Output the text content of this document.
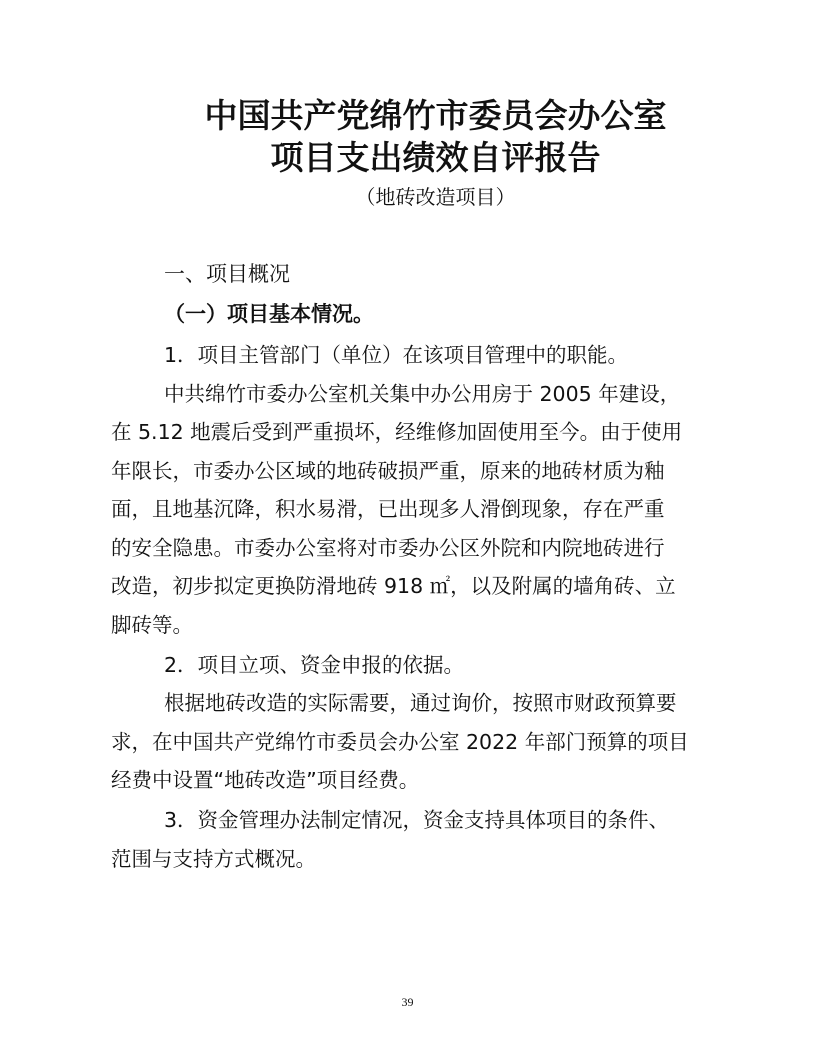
中国共产党绵竹市委员会办公室
项目支出绩效自评报告
（地砖改造项目）
一、项目概况
（一）项目基本情况。
1．项目主管部门（单位）在该项目管理中的职能。
中共绵竹市委办公室机关集中办公用房于 2005 年建设，
在 5.12 地震后受到严重损坏，经维修加固使用至今。由于使用
年限长，市委办公区域的地砖破损严重，原来的地砖材质为釉
面，且地基沉降，积水易滑，已出现多人滑倒现象，存在严重
的安全隐患。市委办公室将对市委办公区外院和内院地砖进行
改造，初步拟定更换防滑地砖 918 ㎡，以及附属的墙角砖、立
脚砖等。
2．项目立项、资金申报的依据。
根据地砖改造的实际需要，通过询价，按照市财政预算要
求，在中国共产党绵竹市委员会办公室 2022 年部门预算的项目
经费中设置“地砖改造”项目经费。
3．资金管理办法制定情况，资金支持具体项目的条件、
范围与支持方式概况。
39
